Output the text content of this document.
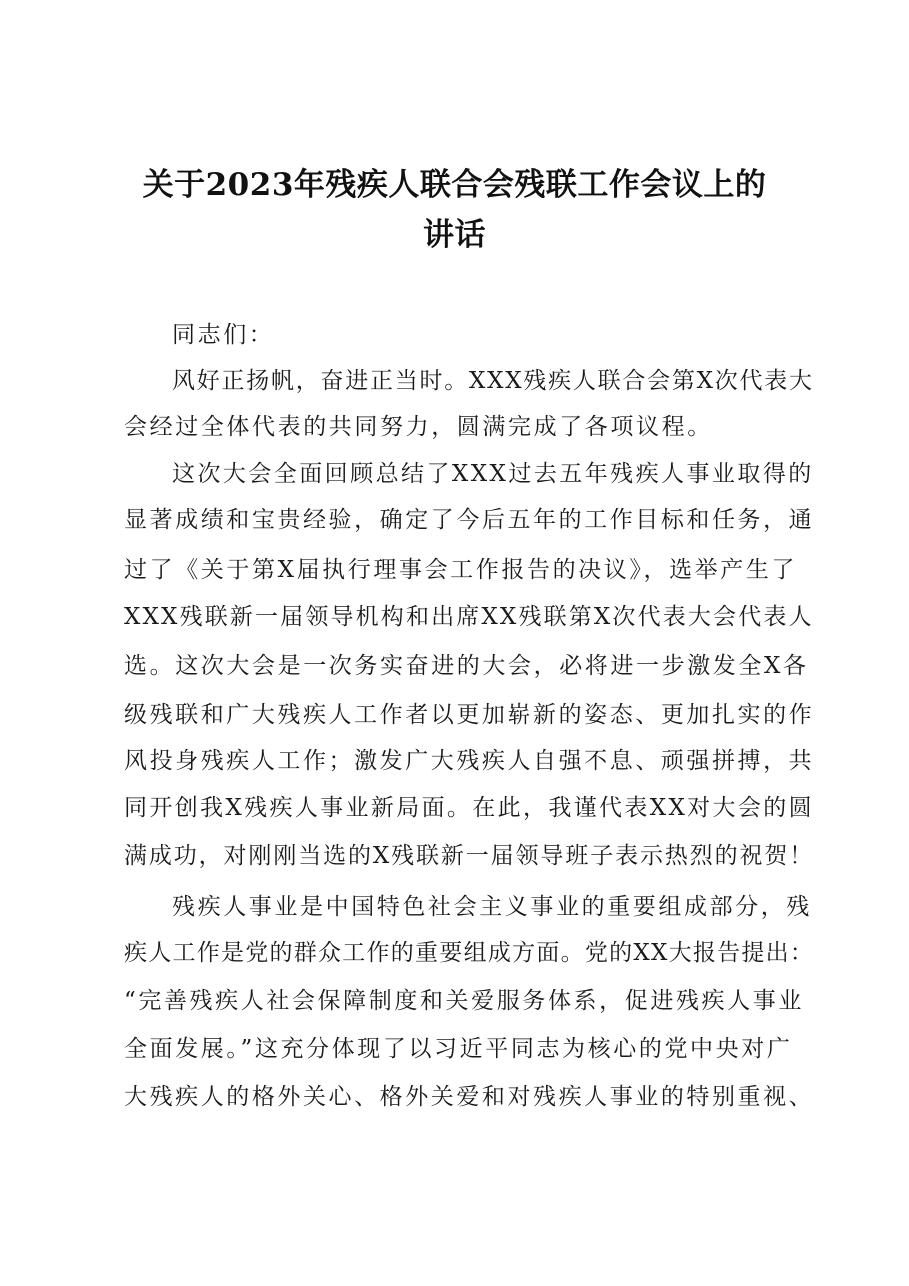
关于2023年残疾人联合会残联工作会议上的
讲话
同志们：
风好正扬帆，奋进正当时。XXX残疾人联合会第X次代表大
会经过全体代表的共同努力，圆满完成了各项议程。
这次大会全面回顾总结了XXX过去五年残疾人事业取得的
显著成绩和宝贵经验，确定了今后五年的工作目标和任务，通
过了《关于第X届执行理事会工作报告的决议》，选举产生了
XXX残联新一届领导机构和出席XX残联第X次代表大会代表人
选。这次大会是一次务实奋进的大会，必将进一步激发全X各
级残联和广大残疾人工作者以更加崭新的姿态、更加扎实的作
风投身残疾人工作；激发广大残疾人自强不息、顽强拼搏，共
同开创我X残疾人事业新局面。在此，我谨代表XX对大会的圆
满成功，对刚刚当选的X残联新一届领导班子表示热烈的祝贺！
残疾人事业是中国特色社会主义事业的重要组成部分，残
疾人工作是党的群众工作的重要组成方面。党的XX大报告提出：
“完善残疾人社会保障制度和关爱服务体系，促进残疾人事业
全面发展。”这充分体现了以习近平同志为核心的党中央对广
大残疾人的格外关心、格外关爱和对残疾人事业的特别重视、
